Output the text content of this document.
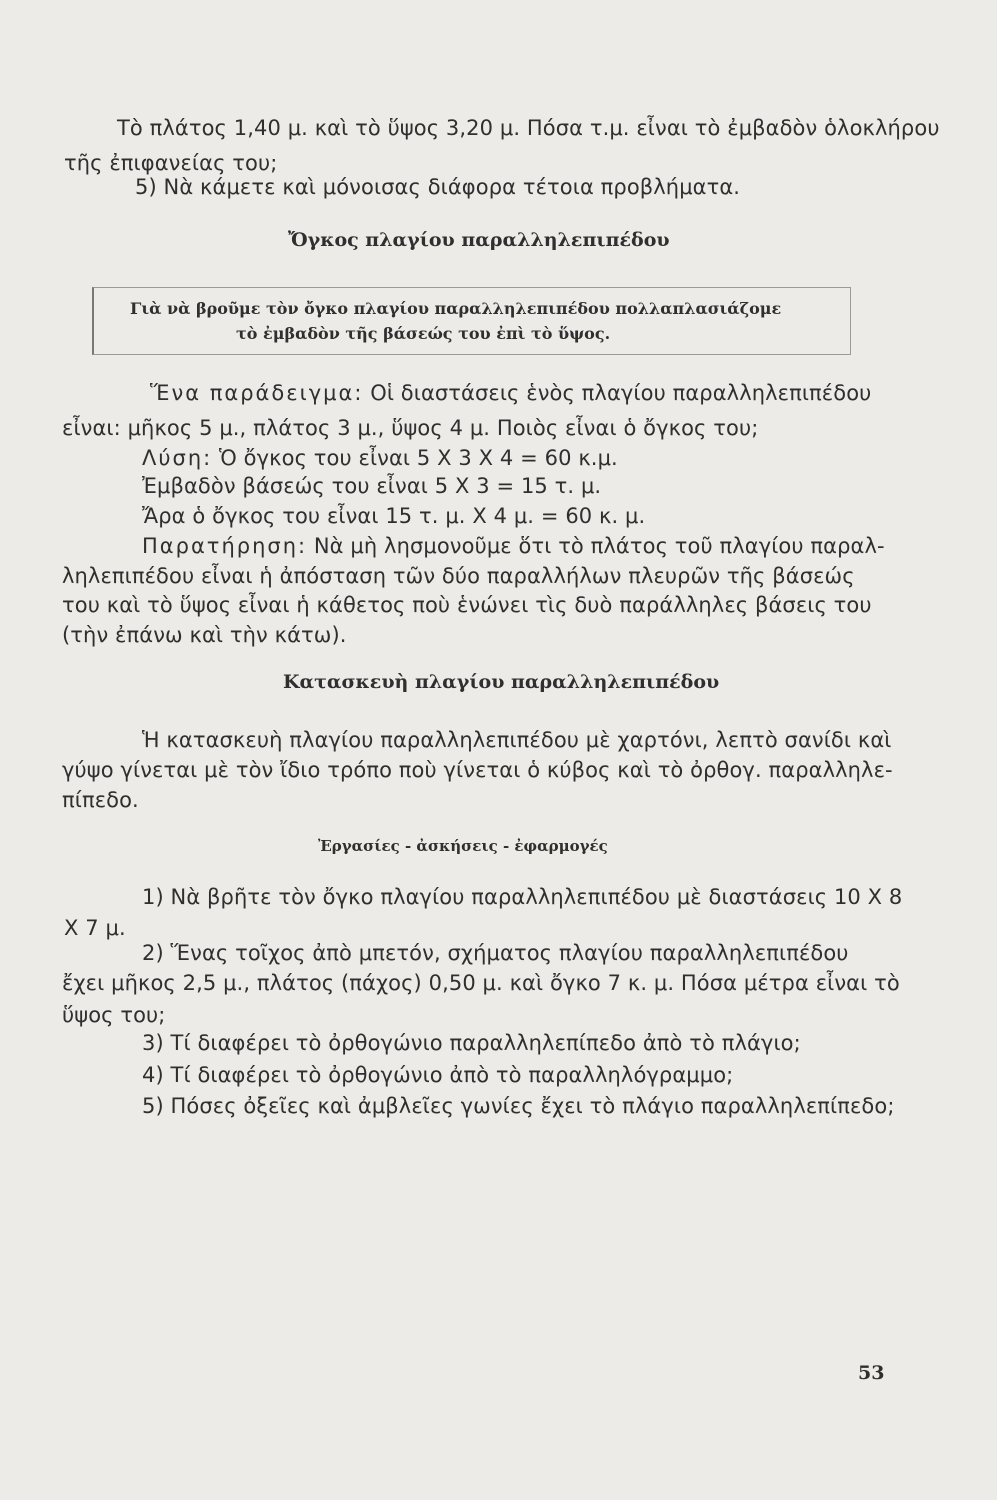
Τὸ πλάτος 1,40 μ. καὶ τὸ ὕψος 3,20 μ. Πόσα τ.μ. εἶναι τὸ ἐμβαδὸν ὁλοκλήρου
τῆς ἐπιφανείας του;
5) Νὰ κάμετε καὶ μόνοισας διάφορα τέτοια προβλήματα.
Ὄγκος πλαγίου παραλληλεπιπέδου
Γιὰ νὰ βροῦμε τὸν ὄγκο πλαγίου παραλληλεπιπέδου πολλαπλασιάζομε
τὸ ἐμβαδὸν τῆς βάσεώς του ἐπὶ τὸ ὕψος.
Ἕνα παράδειγμα: Οἱ διαστάσεις ἑνὸς πλαγίου παραλληλεπιπέδου
εἶναι: μῆκος 5 μ., πλάτος 3 μ., ὕψος 4 μ. Ποιὸς εἶναι ὁ ὄγκος του;
Λύση: Ὁ ὄγκος του εἶναι 5 X 3 X 4 = 60 κ.μ.
Ἐμβαδὸν βάσεώς του εἶναι 5 X 3 = 15 τ. μ.
Ἄρα ὁ ὄγκος του εἶναι 15 τ. μ. X 4 μ. = 60 κ. μ.
Παρατήρηση: Νὰ μὴ λησμονοῦμε ὅτι τὸ πλάτος τοῦ πλαγίου παραλ-
ληλεπιπέδου εἶναι ἡ ἀπόσταση τῶν δύο παραλλήλων πλευρῶν τῆς βάσεώς
του καὶ τὸ ὕψος εἶναι ἡ κάθετος ποὺ ἑνώνει τὶς δυὸ παράλληλες βάσεις του
(τὴν ἐπάνω καὶ τὴν κάτω).
Κατασκευὴ πλαγίου παραλληλεπιπέδου
Ἡ κατασκευὴ πλαγίου παραλληλεπιπέδου μὲ χαρτόνι, λεπτὸ σανίδι καὶ
γύψο γίνεται μὲ τὸν ἴδιο τρόπο ποὺ γίνεται ὁ κύβος καὶ τὸ ὀρθογ. παραλληλε-
πίπεδο.
Ἐργασίες - ἀσκήσεις - ἐφαρμογές
1) Νὰ βρῆτε τὸν ὄγκο πλαγίου παραλληλεπιπέδου μὲ διαστάσεις 10 X 8
X 7 μ.
2) Ἕνας τοῖχος ἀπὸ μπετόν, σχήματος πλαγίου παραλληλεπιπέδου
ἔχει μῆκος 2,5 μ., πλάτος (πάχος) 0,50 μ. καὶ ὄγκο 7 κ. μ. Πόσα μέτρα εἶναι τὸ
ὕψος του;
3) Τί διαφέρει τὸ ὀρθογώνιο παραλληλεπίπεδο ἀπὸ τὸ πλάγιο;
4) Τί διαφέρει τὸ ὀρθογώνιο ἀπὸ τὸ παραλληλόγραμμο;
5) Πόσες ὀξεῖες καὶ ἀμβλεῖες γωνίες ἔχει τὸ πλάγιο παραλληλεπίπεδο;
53
